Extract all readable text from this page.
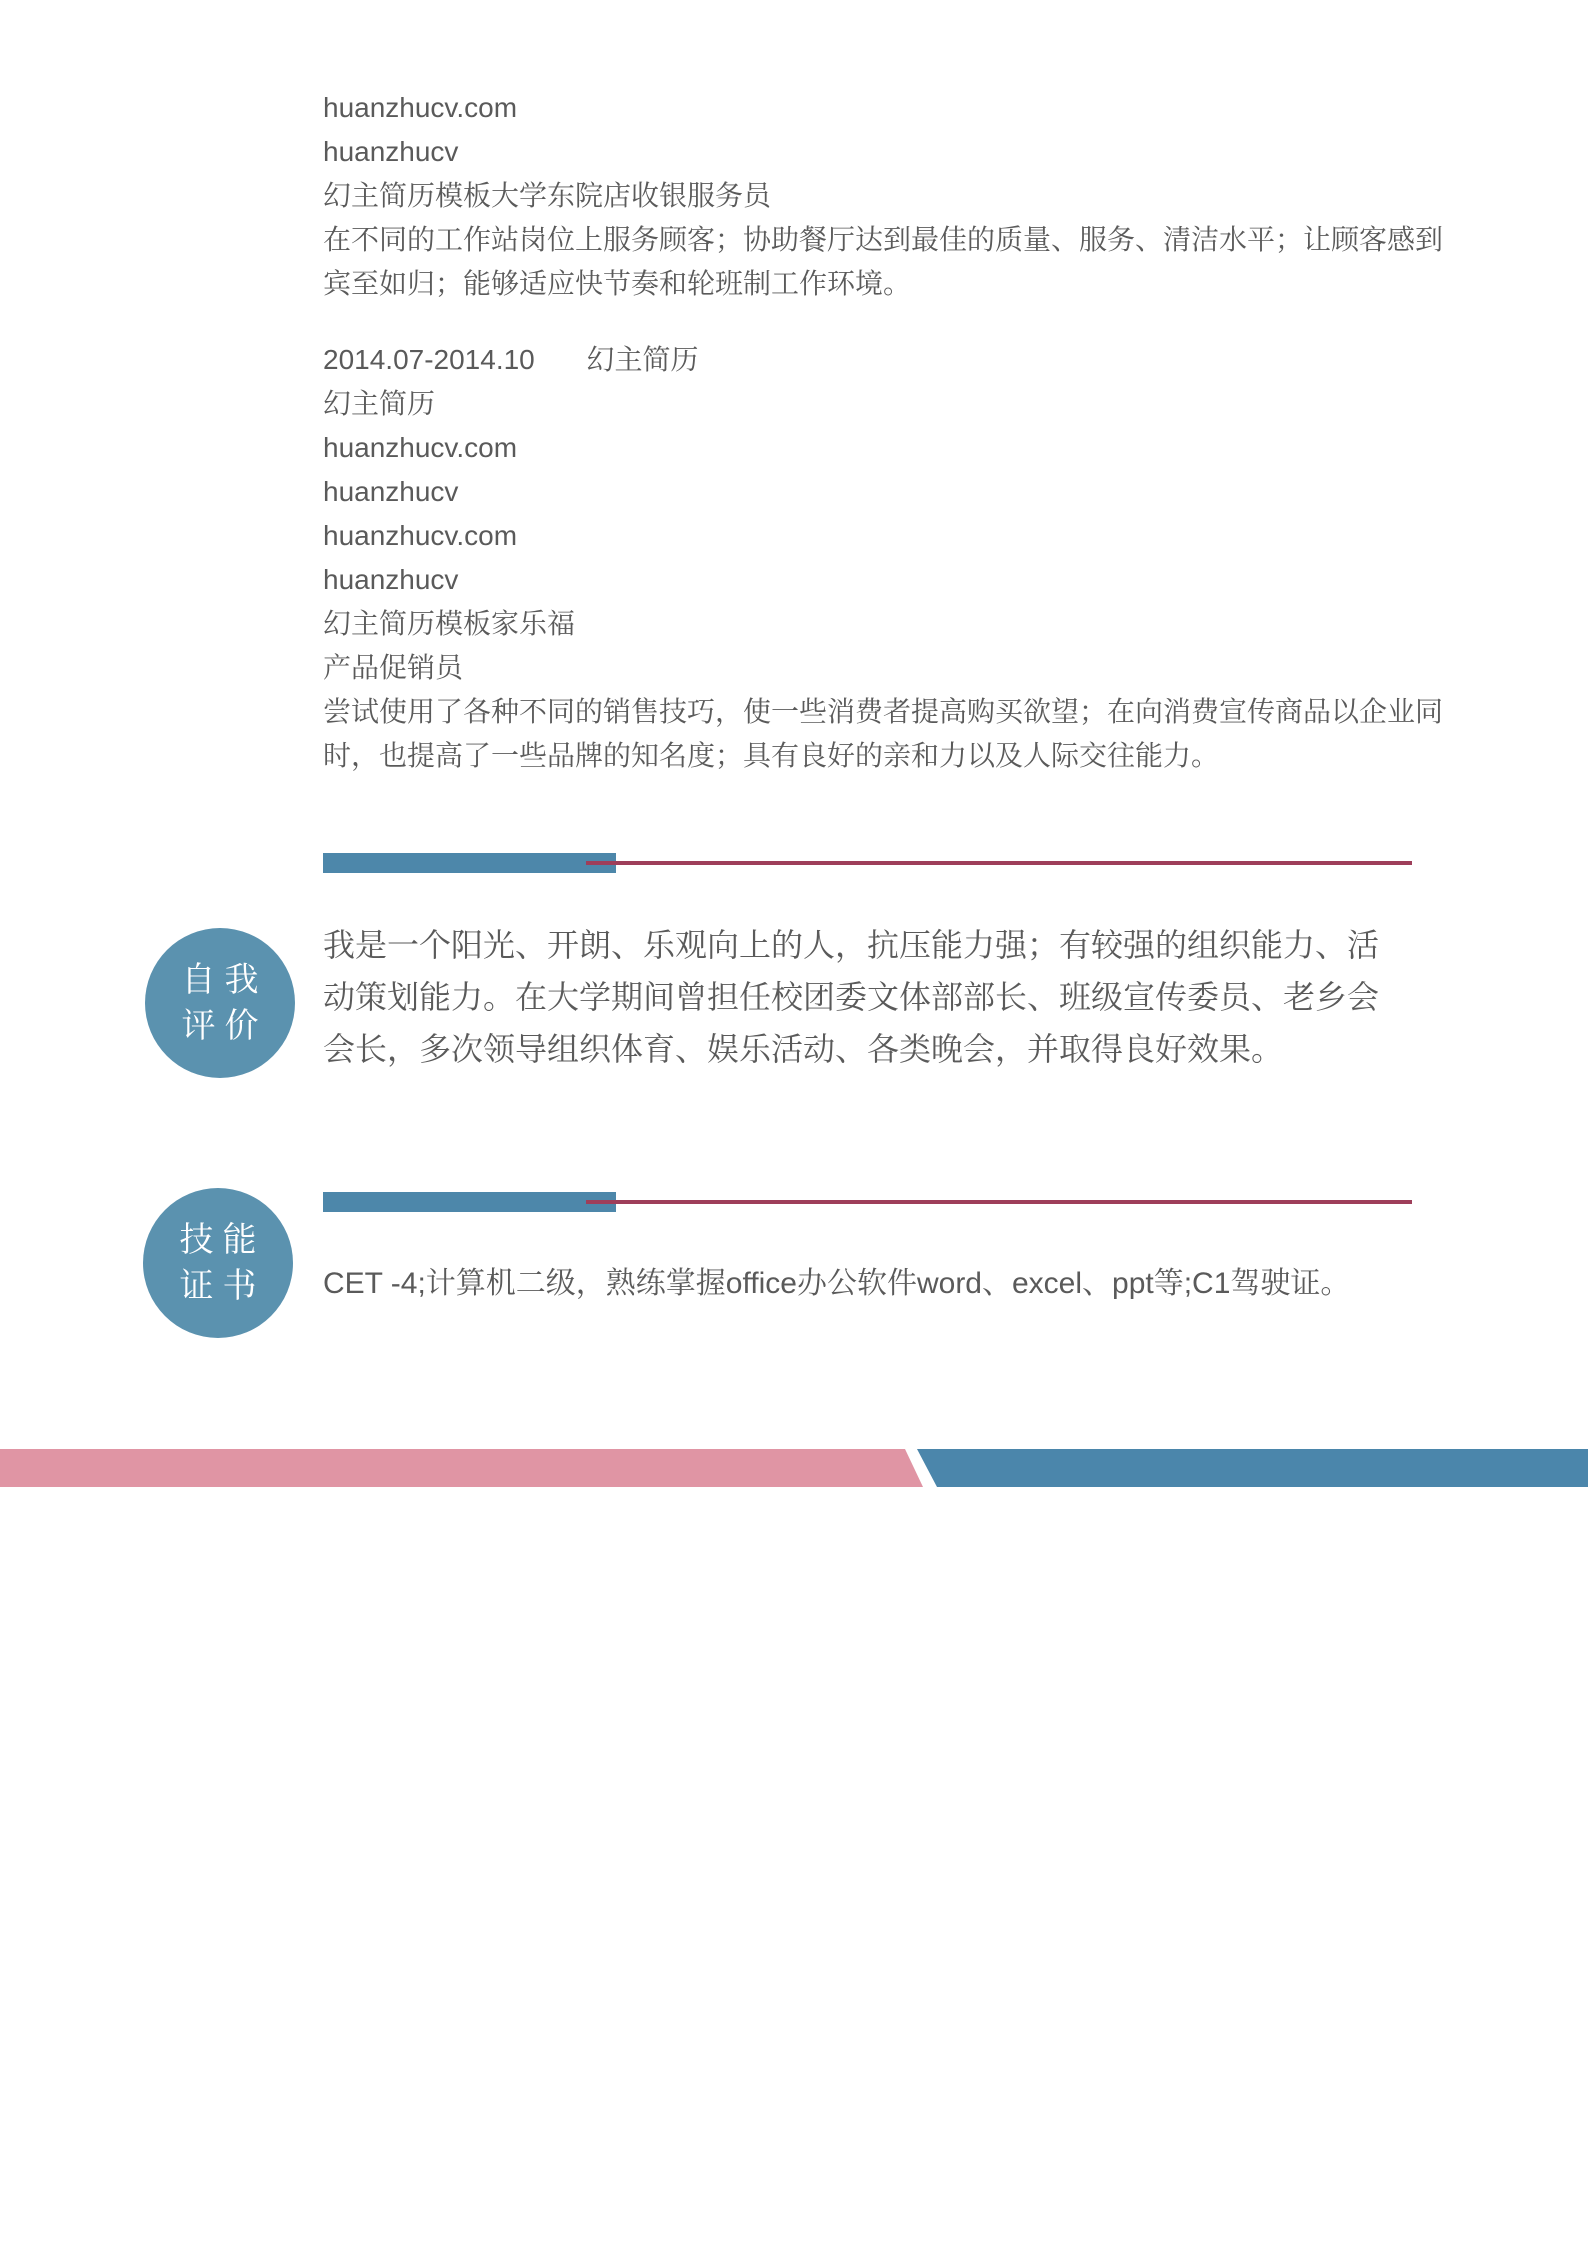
huanzhucv.com
huanzhucv
幻主简历模板大学东院店收银服务员
在不同的工作站岗位上服务顾客；协助餐厅达到最佳的质量、服务、清洁水平；让顾客感到
宾至如归；能够适应快节奏和轮班制工作环境。
2014.07-2014.10 幻主简历
幻主简历
huanzhucv.com
huanzhucv
huanzhucv.com
huanzhucv
幻主简历模板家乐福
产品促销员
尝试使用了各种不同的销售技巧，使一些消费者提高购买欲望；在向消费宣传商品以企业同
时，也提高了一些品牌的知名度；具有良好的亲和力以及人际交往能力。
自我
评价
我是一个阳光、开朗、乐观向上的人，抗压能力强；有较强的组织能力、活
动策划能力。在大学期间曾担任校团委文体部部长、班级宣传委员、老乡会
会长，多次领导组织体育、娱乐活动、各类晚会，并取得良好效果。
技能
证书 CET -4;计算机二级，熟练掌握office办公软件word、excel、ppt等;C1驾驶证。
